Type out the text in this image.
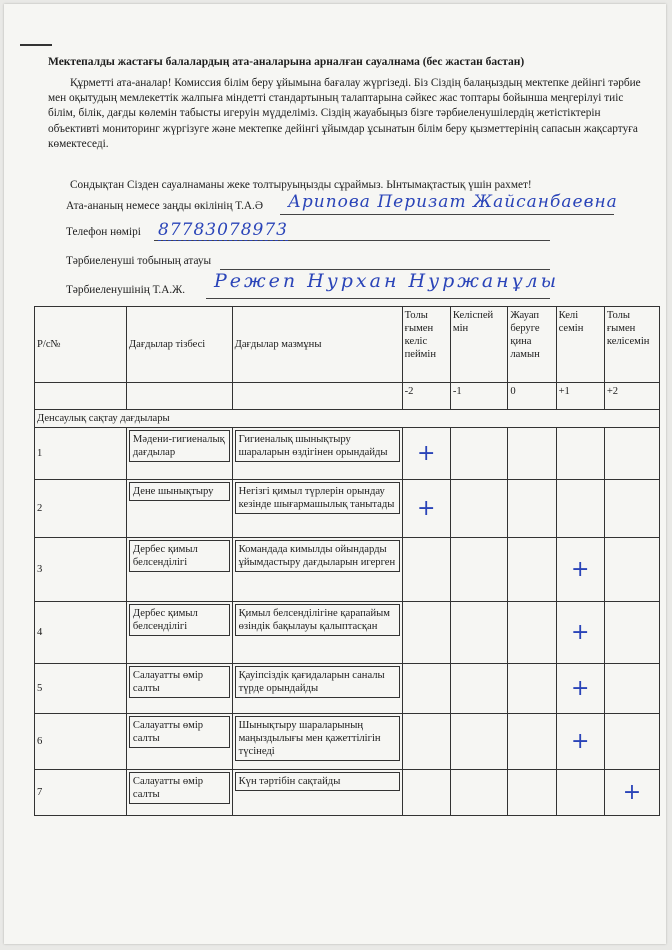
Мектепалды жастағы балалардың ата-аналарына арналған сауалнама (бес жастан бастан)
Құрметті ата-аналар! Комиссия білім беру ұйымына бағалау жүргізеді. Біз Сіздің балаңыздың мектепке дейінгі тәрбие мен оқытудың мемлекеттік жалпыға міндетті стандартының талаптарына сәйкес жас топтары бойынша меңгерілуі тиіс білім, білік, дағды көлемін табысты игеруін мүдделіміз. Сіздің жауабыңыз бізге тәрбиеленушілердің жетістіктерін объективті мониторинг жүргізуге және мектепке дейінгі ұйымдар ұсынатын білім беру қызметтерінің сапасын жақсартуға көмектеседі.
Сондықтан Сізден сауалнаманы жеке толтыруыңызды сұраймыз. Ынтымақтастық үшін рахмет!
Ата-ананың немесе заңды өкілінің Т.А.Ә Арипова Перизат Жайсанбаевна
Телефон нөмірі 87783078973
Тәрбиеленуші тобының атауы
Тәрбиеленушінің Т.А.Ж. Режеп Нурхан Нуржанұлы
Р/с№	Дағдылар тізбесі	Дағдылар мазмұны	Толы ғымен келіс пеймін	Келіспей мін	Жауап беруге қина ламын	Келі семін	Толы ғымен келісемін
			-2	-1	0	+1	+2
Денсаулық сақтау дағдылары							
1	Мәдени-гигиеналық дағдылар	Гигиеналық шынықтыру шараларын өздігінен орындайды	+				

2	Дене шынықтыру	Негізгі қимыл түрлерін орындау кезінде шығармашылық танытады	+				

3	Дербес қимыл белсенділігі	Командада кимылды ойындарды ұйымдастыру дағдыларын игерген				+	

4	Дербес қимыл белсенділігі	Қимыл белсенділігіне қарапайым өзіндік бақылауы қалыптасқан				+	

5	Салауатты өмір салты	Қауіпсіздік қағидаларын саналы түрде орындайды				+	

6	Салауатты өмір салты	Шынықтыру шараларының маңыздылығы мен қажеттілігін түсінеді				+	

7	Салауатты өмір салты	Күн тәртібін сақтайды					+
